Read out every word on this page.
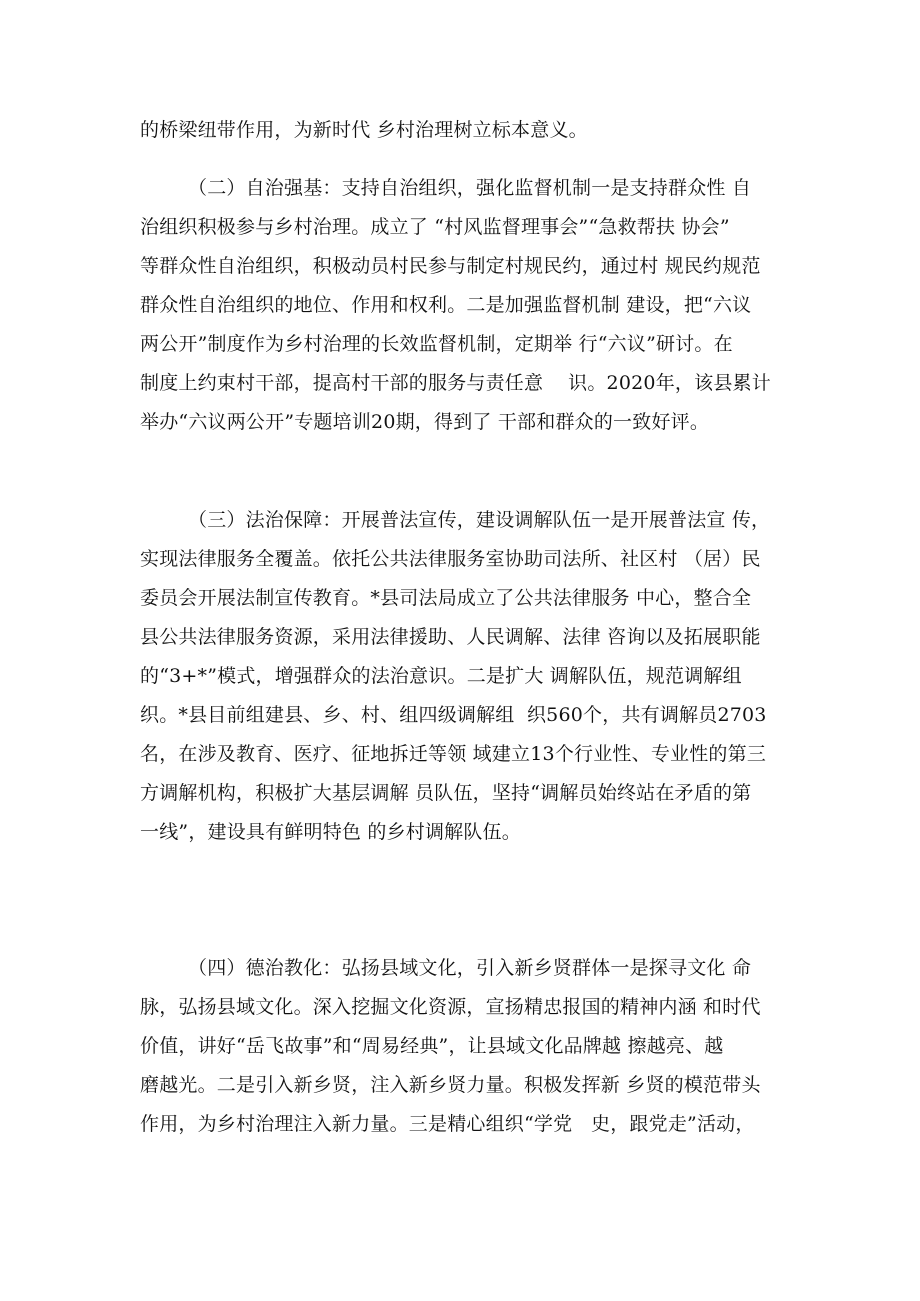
的桥梁纽带作用，为新时代 乡村治理树立标本意义。
（二）自治强基：支持自治组织，强化监督机制一是支持群众性 自
治组织积极参与乡村治理。成立了 “村风监督理事会”“急救帮扶 协会”
等群众性自治组织，积极动员村民参与制定村规民约，通过村 规民约规范
群众性自治组织的地位、作用和权利。二是加强监督机制 建设，把“六议
两公开”制度作为乡村治理的长效监督机制，定期举 行“六议”研讨。在
制度上约束村干部，提高村干部的服务与责任意    识。2020年，该县累计
举办“六议两公开”专题培训20期，得到了 干部和群众的一致好评。
（三）法治保障：开展普法宣传，建设调解队伍一是开展普法宣 传，
实现法律服务全覆盖。依托公共法律服务室协助司法所、社区村 （居）民
委员会开展法制宣传教育。*县司法局成立了公共法律服务 中心，整合全
县公共法律服务资源，采用法律援助、人民调解、法律 咨询以及拓展职能
的“3+*”模式，增强群众的法治意识。二是扩大 调解队伍，规范调解组
织。*县目前组建县、乡、村、组四级调解组  织560个，共有调解员2703
名，在涉及教育、医疗、征地拆迁等领 域建立13个行业性、专业性的第三
方调解机构，积极扩大基层调解 员队伍，坚持“调解员始终站在矛盾的第
一线”，建设具有鲜明特色 的乡村调解队伍。
（四）德治教化：弘扬县域文化，引入新乡贤群体一是探寻文化 命
脉，弘扬县域文化。深入挖掘文化资源，宣扬精忠报国的精神内涵 和时代
价值，讲好“岳飞故事”和“周易经典”，让县域文化品牌越 擦越亮、越
磨越光。二是引入新乡贤，注入新乡贤力量。积极发挥新 乡贤的模范带头
作用，为乡村治理注入新力量。三是精心组织“学党   史，跟党走”活动，
